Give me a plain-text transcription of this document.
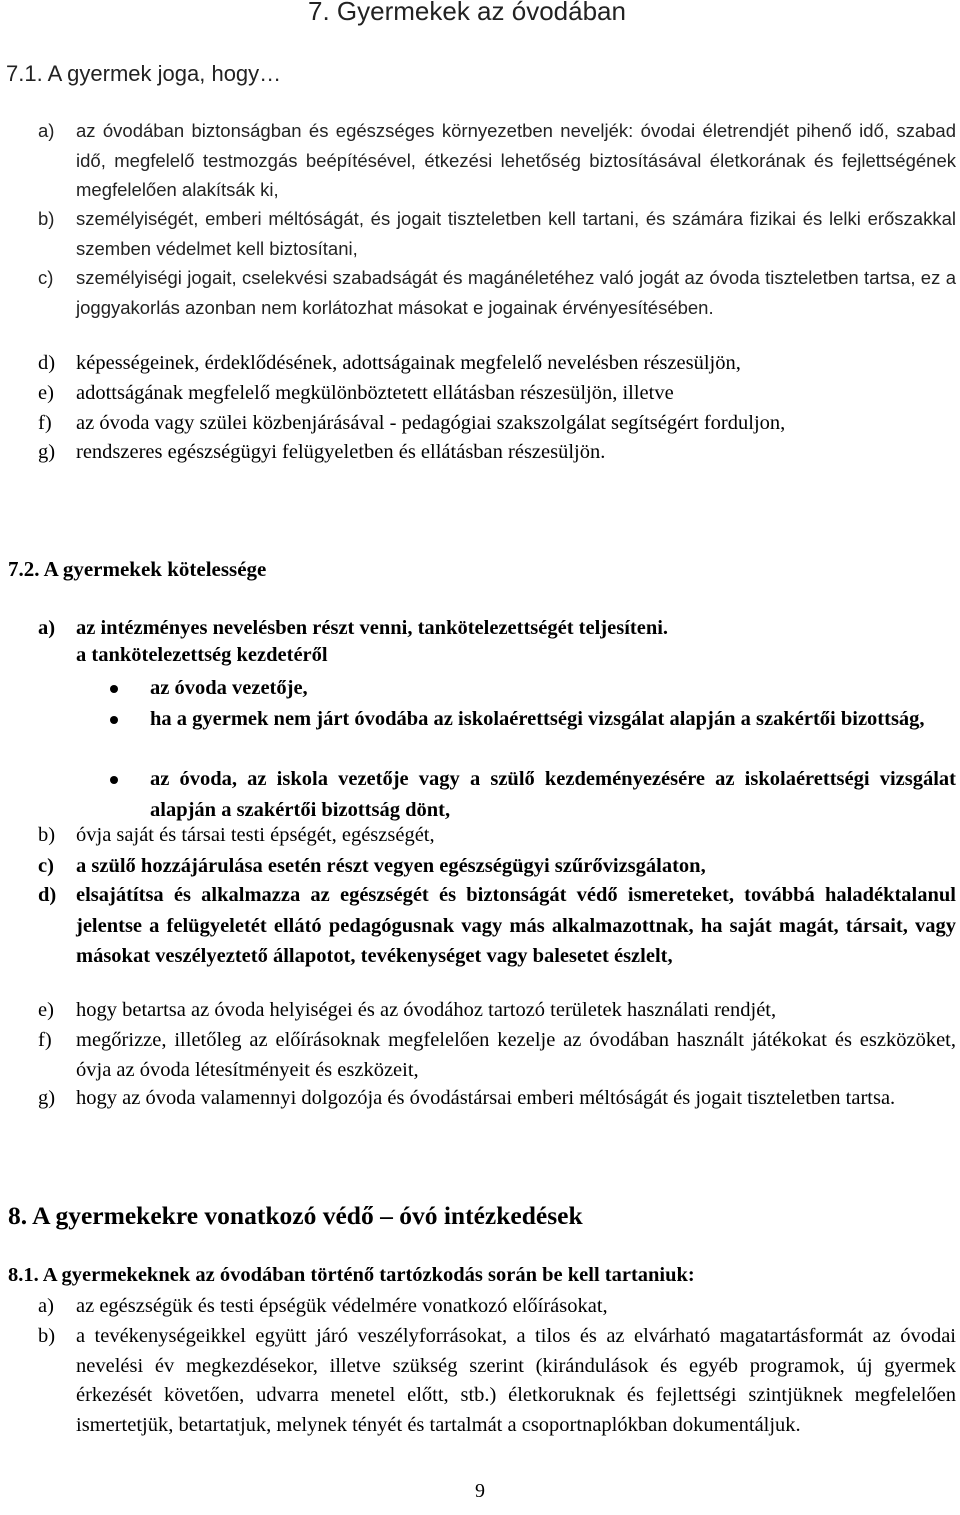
7. Gyermekek az óvodában
7.1. A gyermek joga, hogy…
a) az óvodában biztonságban és egészséges környezetben neveljék: óvodai életrendjét pihenő idő, szabad idő, megfelelő testmozgás beépítésével, étkezési lehetőség biztosításával életkorának és fejlettségének megfelelően alakítsák ki,
b) személyiségét, emberi méltóságát, és jogait tiszteletben kell tartani, és számára fizikai és lelki erőszakkal szemben védelmet kell biztosítani,
c) személyiségi jogait, cselekvési szabadságát és magánéletéhez való jogát az óvoda tiszteletben tartsa, ez a joggyakorlás azonban nem korlátozhat másokat e jogainak érvényesítésében.
d) képességeinek, érdeklődésének, adottságainak megfelelő nevelésben részesüljön,
e) adottságának megfelelő megkülönböztetett ellátásban részesüljön, illetve
f) az óvoda vagy szülei közbenjárásával - pedagógiai szakszolgálat segítségért forduljon,
g) rendszeres egészségügyi felügyeletben és ellátásban részesüljön.
7.2. A gyermekek kötelessége
a) az intézményes nevelésben részt venni, tankötelezettségét teljesíteni.
a tankötelezettség kezdetéről
az óvoda vezetője,
ha a gyermek nem járt óvodába az iskolaérettségi vizsgálat alapján a szakértői bizottság,
az óvoda, az iskola vezetője vagy a szülő kezdeményezésére az iskolaérettségi vizsgálat alapján a szakértői bizottság dönt,
b) óvja saját és társai testi épségét, egészségét,
c) a szülő hozzájárulása esetén részt vegyen egészségügyi szűrővizsgálaton,
d) elsajátítsa és alkalmazza az egészségét és biztonságát védő ismereteket, továbbá haladéktalanul jelentse a felügyeletét ellátó pedagógusnak vagy más alkalmazottnak, ha saját magát, társait, vagy másokat veszélyeztető állapotot, tevékenységet vagy balesetet észlelt,
e) hogy betartsa az óvoda helyiségei és az óvodához tartozó területek használati rendjét,
f) megőrizze, illetőleg az előírásoknak megfelelően kezelje az óvodában használt játékokat és eszközöket, óvja az óvoda létesítményeit és eszközeit,
g) hogy az óvoda valamennyi dolgozója és óvodástársai emberi méltóságát és jogait tiszteletben tartsa.
8. A gyermekekre vonatkozó védő – óvó intézkedések
8.1. A gyermekeknek az óvodában történő tartózkodás során be kell tartaniuk:
a) az egészségük és testi épségük védelmére vonatkozó előírásokat,
b) a tevékenységeikkel együtt járó veszélyforrásokat, a tilos és az elvárható magatartásformát az óvodai nevelési év megkezdésekor, illetve szükség szerint (kirándulások és egyéb programok, új gyermek érkezését követően, udvarra menetel előtt, stb.) életkoruknak és fejlettségi szintjüknek megfelelően ismertetjük, betartatjuk, melynek tényét és tartalmát a csoportnaplókban dokumentáljuk.
9
